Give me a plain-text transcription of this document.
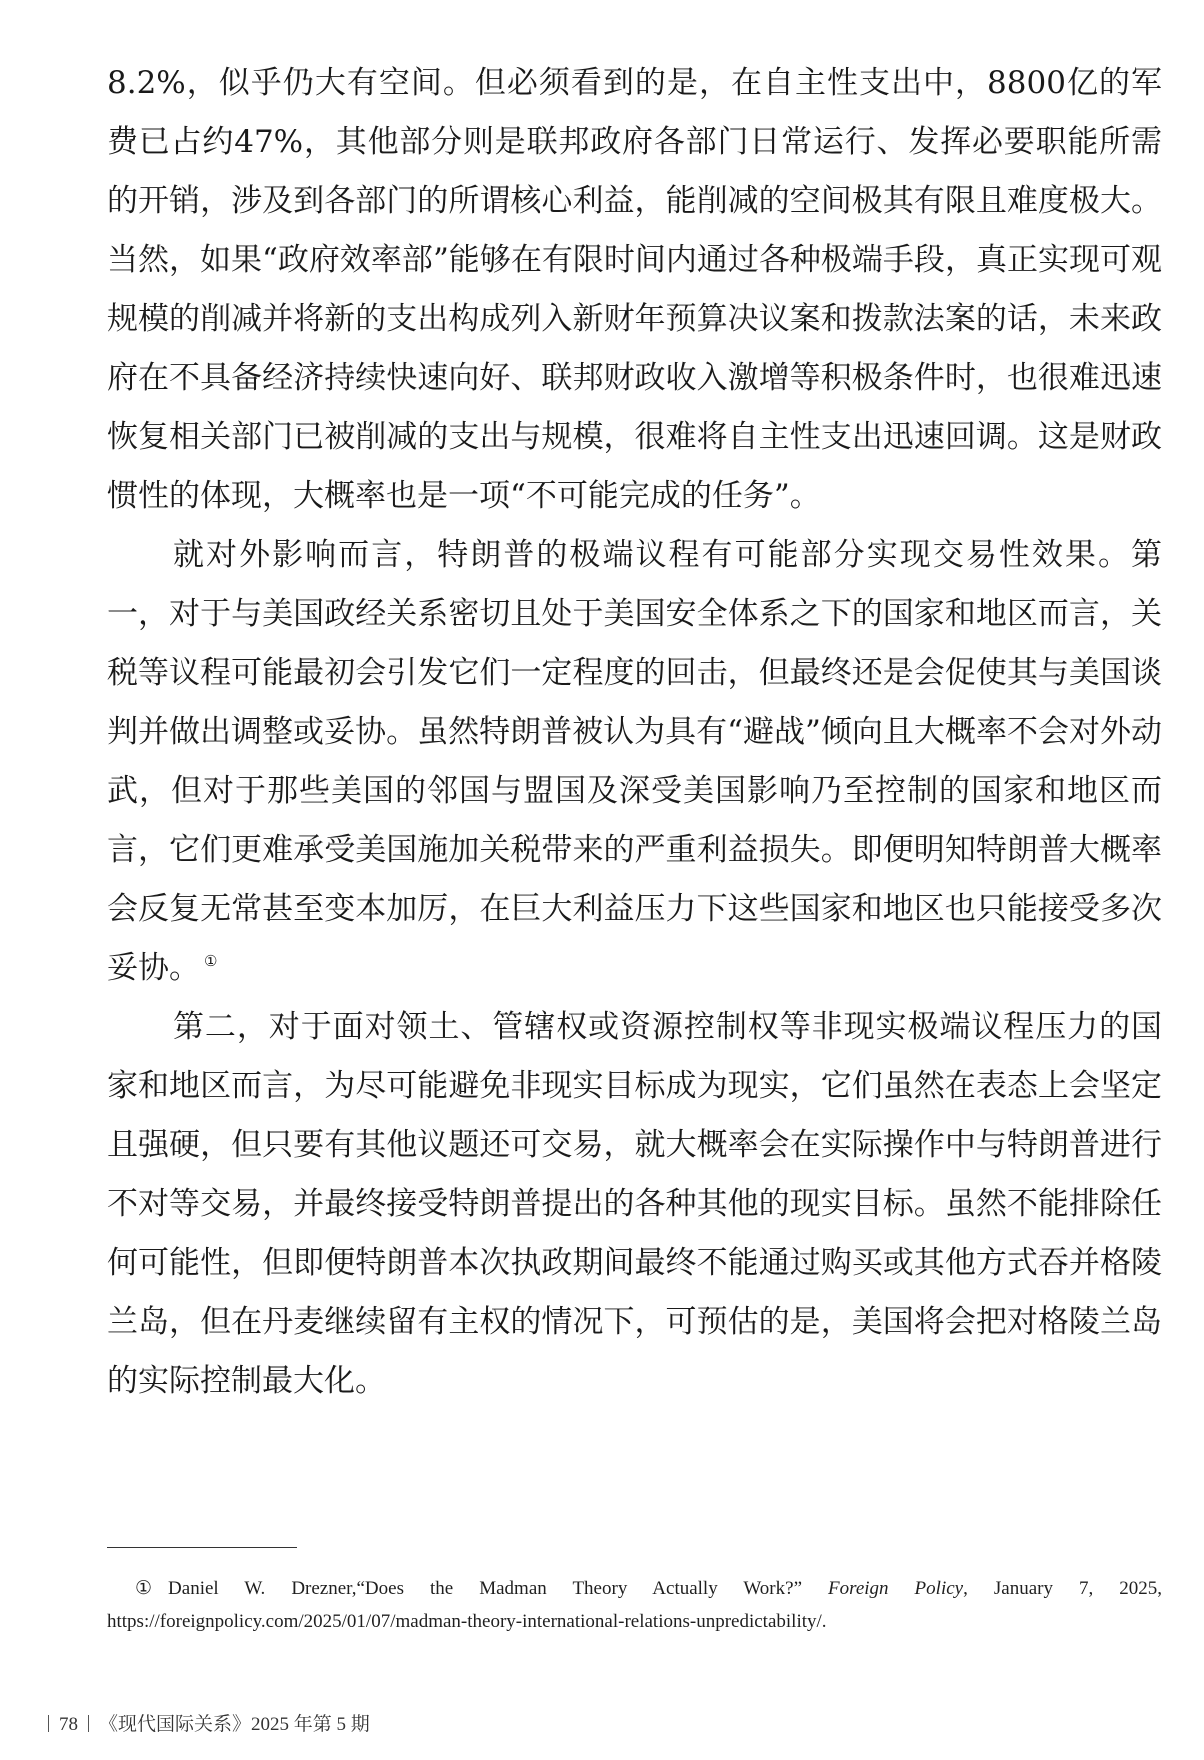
8.2%，似乎仍大有空间。但必须看到的是，在自主性支出中，8800亿的军费已占约47%，其他部分则是联邦政府各部门日常运行、发挥必要职能所需的开销，涉及到各部门的所谓核心利益，能削减的空间极其有限且难度极大。当然，如果“政府效率部”能够在有限时间内通过各种极端手段，真正实现可观规模的削减并将新的支出构成列入新财年预算决议案和拨款法案的话，未来政府在不具备经济持续快速向好、联邦财政收入激增等积极条件时，也很难迅速恢复相关部门已被削减的支出与规模，很难将自主性支出迅速回调。这是财政惯性的体现，大概率也是一项“不可能完成的任务”。

就对外影响而言，特朗普的极端议程有可能部分实现交易性效果。第一，对于与美国政经关系密切且处于美国安全体系之下的国家和地区而言，关税等议程可能最初会引发它们一定程度的回击，但最终还是会促使其与美国谈判并做出调整或妥协。虽然特朗普被认为具有“避战”倾向且大概率不会对外动武，但对于那些美国的邻国与盟国及深受美国影响乃至控制的国家和地区而言，它们更难承受美国施加关税带来的严重利益损失。即便明知特朗普大概率会反复无常甚至变本加厉，在巨大利益压力下这些国家和地区也只能接受多次妥协。 ①

第二，对于面对领土、管辖权或资源控制权等非现实极端议程压力的国家和地区而言，为尽可能避免非现实目标成为现实，它们虽然在表态上会坚定且强硬，但只要有其他议题还可交易，就大概率会在实际操作中与特朗普进行不对等交易，并最终接受特朗普提出的各种其他的现实目标。虽然不能排除任何可能性，但即便特朗普本次执政期间最终不能通过购买或其他方式吞并格陵兰岛，但在丹麦继续留有主权的情况下，可预估的是，美国将会把对格陵兰岛的实际控制最大化。

① Daniel W. Drezner,“Does the Madman Theory Actually Work?” Foreign Policy, January 7, 2025, https://foreignpolicy.com/2025/01/07/madman-theory-international-relations-unpredictability/.
78 《现代国际关系》2025 年第 5 期
